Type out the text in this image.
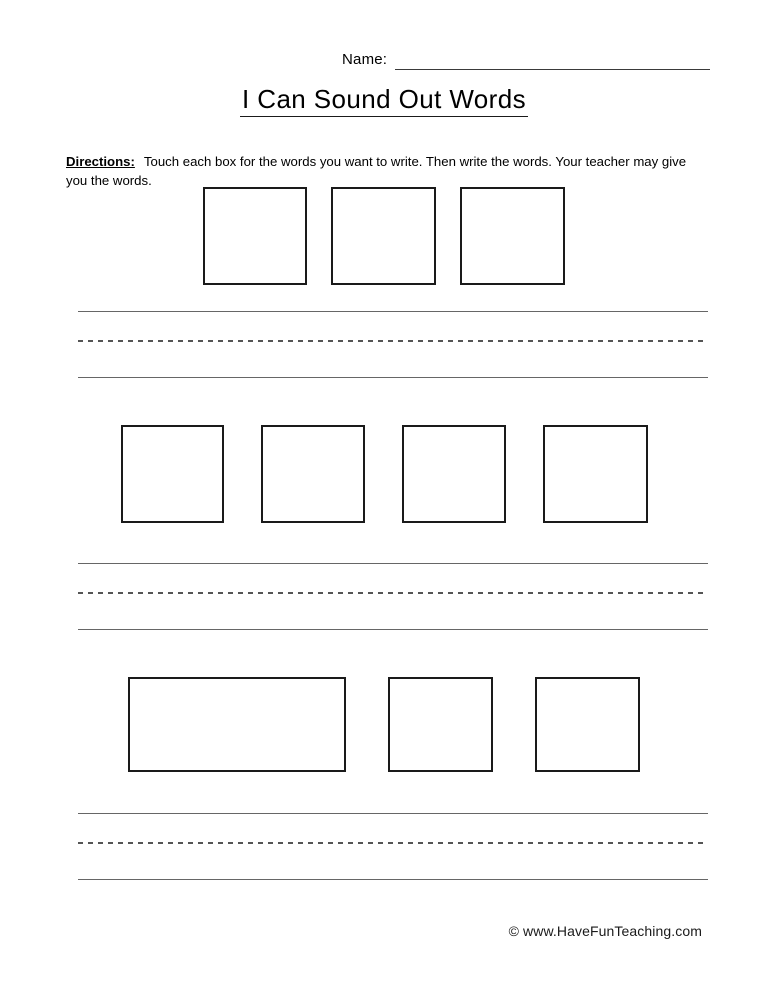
Name:
I Can Sound Out Words

Directions: Touch each box for the words you want to write. Then write the words. Your teacher may give you the words.

© www.HaveFunTeaching.com
